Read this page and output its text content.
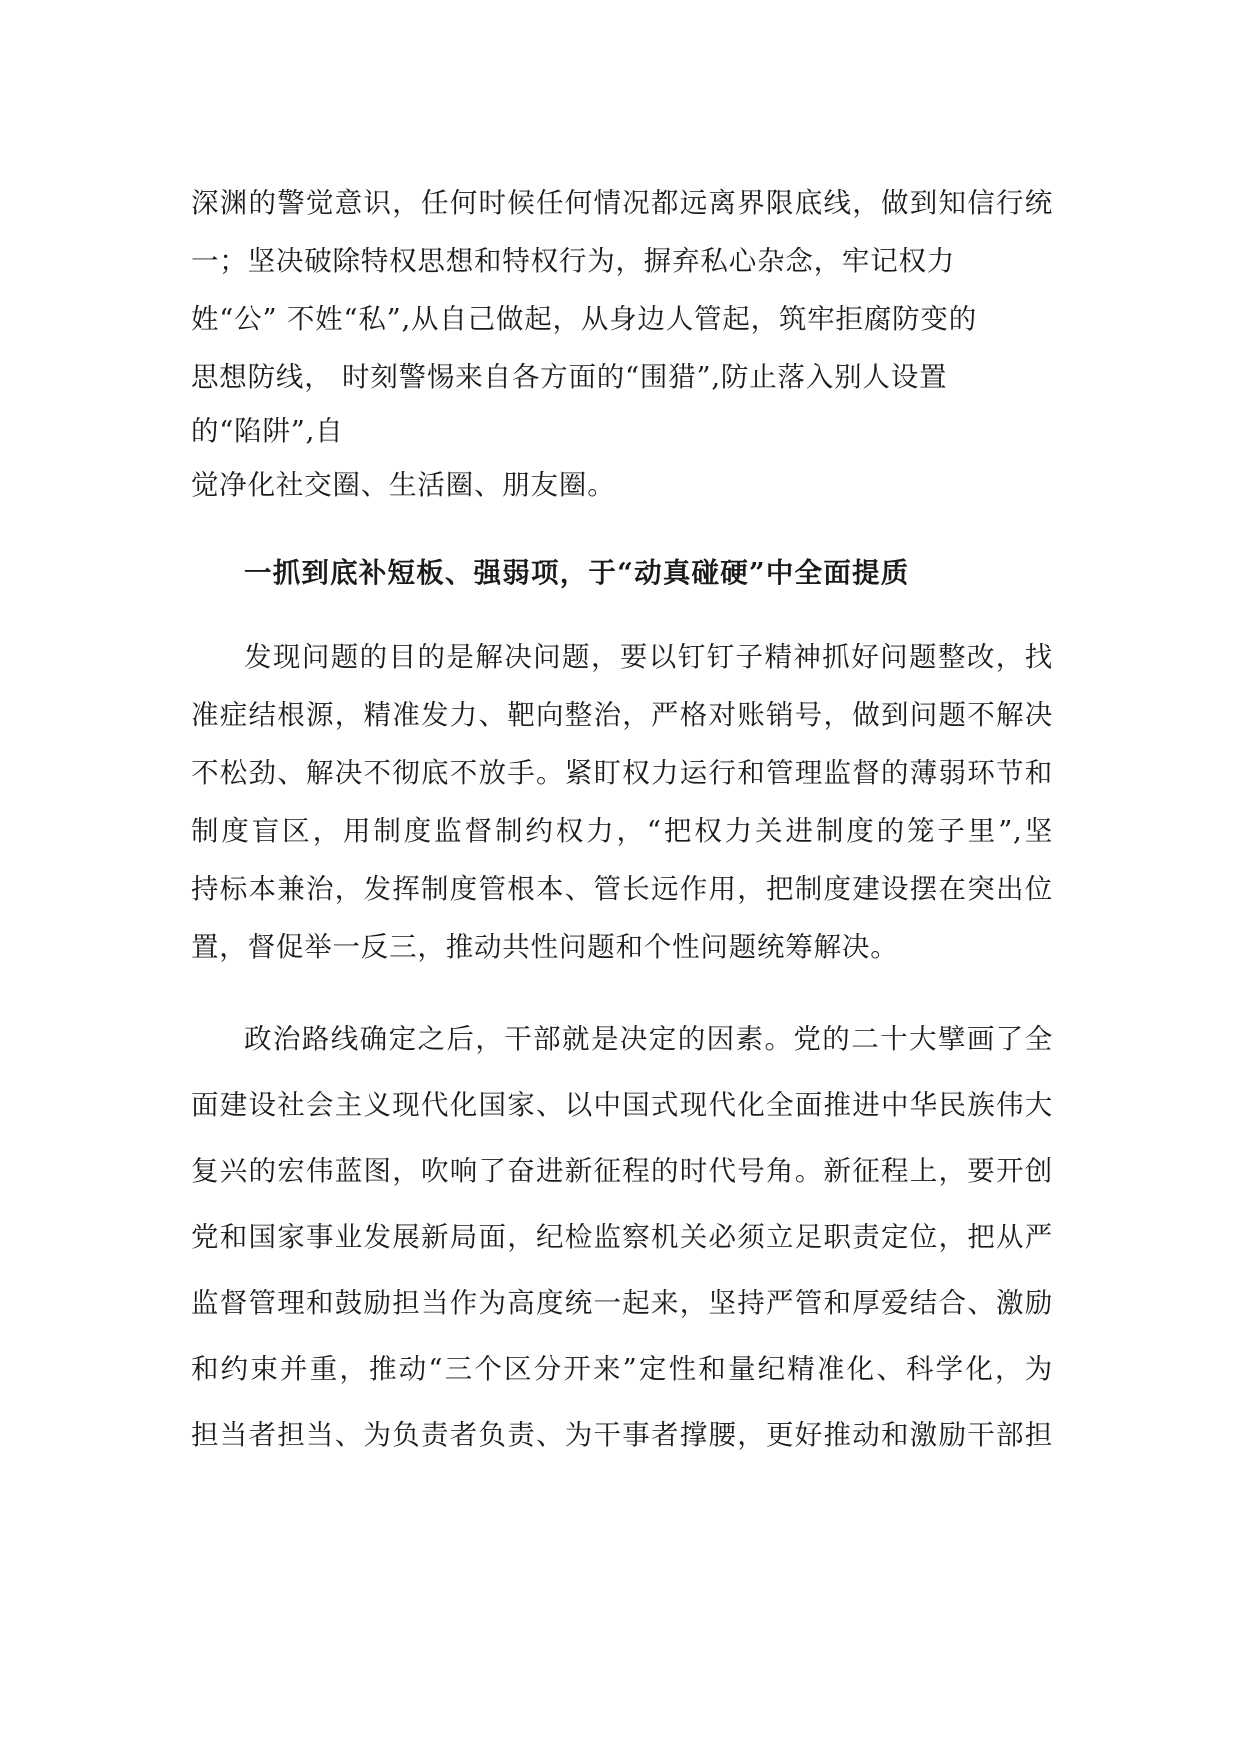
深渊的警觉意识，任何时候任何情况都远离界限底线，做到知信行统
一；坚决破除特权思想和特权行为，摒弃私心杂念，牢记权力
姓“公” 不姓“私”,从自己做起，从身边人管起，筑牢拒腐防变的
思想防线， 时刻警惕来自各方面的“围猎”,防止落入别人设置
的“陷阱”,自
觉净化社交圈、生活圈、朋友圈。
一抓到底补短板、强弱项，于“动真碰硬”中全面提质
发现问题的目的是解决问题，要以钉钉子精神抓好问题整改，找
准症结根源，精准发力、靶向整治，严格对账销号，做到问题不解决
不松劲、解决不彻底不放手。紧盯权力运行和管理监督的薄弱环节和
制度盲区，用制度监督制约权力，“把权力关进制度的笼子里”,坚
持标本兼治，发挥制度管根本、管长远作用，把制度建设摆在突出位
置，督促举一反三，推动共性问题和个性问题统筹解决。
政治路线确定之后，干部就是决定的因素。党的二十大擘画了全
面建设社会主义现代化国家、以中国式现代化全面推进中华民族伟大
复兴的宏伟蓝图，吹响了奋进新征程的时代号角。新征程上，要开创
党和国家事业发展新局面，纪检监察机关必须立足职责定位，把从严
监督管理和鼓励担当作为高度统一起来，坚持严管和厚爱结合、激励
和约束并重，推动“三个区分开来”定性和量纪精准化、科学化，为
担当者担当、为负责者负责、为干事者撑腰，更好推动和激励干部担
